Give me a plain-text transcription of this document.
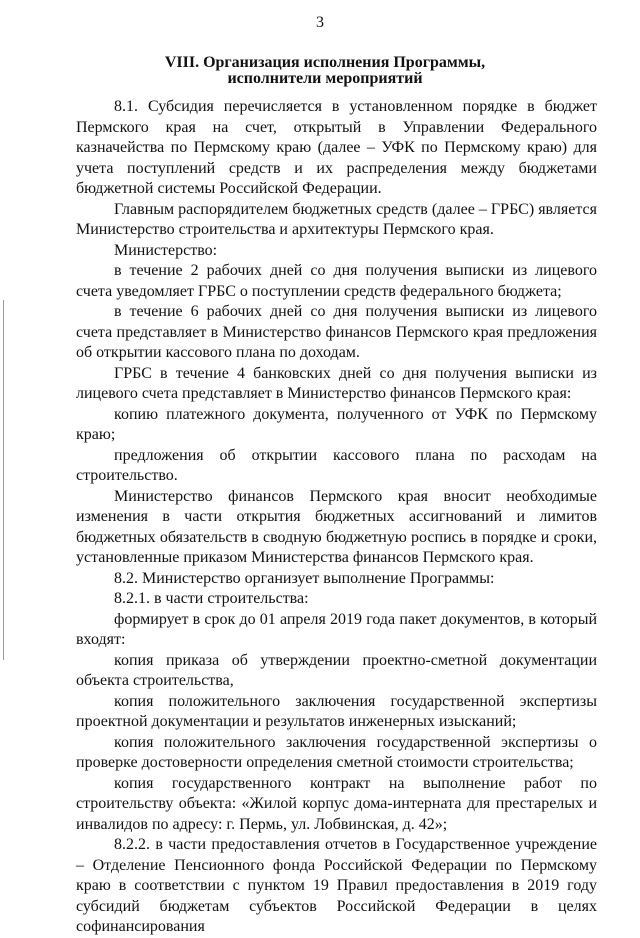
3
VIII. Организация исполнения Программы,
исполнители мероприятий

8.1. Субсидия перечисляется в установленном порядке в бюджет Пермского края на счет, открытый в Управлении Федерального казначейства по Пермскому краю (далее – УФК по Пермскому краю) для учета поступлений средств и их распределения между бюджетами бюджетной системы Российской Федерации.

Главным распорядителем бюджетных средств (далее – ГРБС) является Министерство строительства и архитектуры Пермского края.

Министерство:

в течение 2 рабочих дней со дня получения выписки из лицевого счета уведомляет ГРБС о поступлении средств федерального бюджета;

в течение 6 рабочих дней со дня получения выписки из лицевого счета представляет в Министерство финансов Пермского края предложения об открытии кассового плана по доходам.

ГРБС в течение 4 банковских дней со дня получения выписки из лицевого счета представляет в Министерство финансов Пермского края:

копию платежного документа, полученного от УФК по Пермскому краю;

предложения об открытии кассового плана по расходам на строительство.

Министерство финансов Пермского края вносит необходимые изменения в части открытия бюджетных ассигнований и лимитов бюджетных обязательств в сводную бюджетную роспись в порядке и сроки, установленные приказом Министерства финансов Пермского края.

8.2. Министерство организует выполнение Программы:

8.2.1. в части строительства:

формирует в срок до 01 апреля 2019 года пакет документов, в который входят:

копия приказа об утверждении проектно-сметной документации объекта строительства,

копия положительного заключения государственной экспертизы проектной документации и результатов инженерных изысканий;

копия положительного заключения государственной экспертизы о проверке достоверности определения сметной стоимости строительства;

копия государственного контракт на выполнение работ по строительству объекта: «Жилой корпус дома-интерната для престарелых и инвалидов по адресу: г. Пермь, ул. Лобвинская, д. 42»;

8.2.2. в части предоставления отчетов в Государственное учреждение – Отделение Пенсионного фонда Российской Федерации по Пермскому краю в соответствии с пунктом 19 Правил предоставления в 2019 году субсидий бюджетам субъектов Российской Федерации в целях софинансирования
